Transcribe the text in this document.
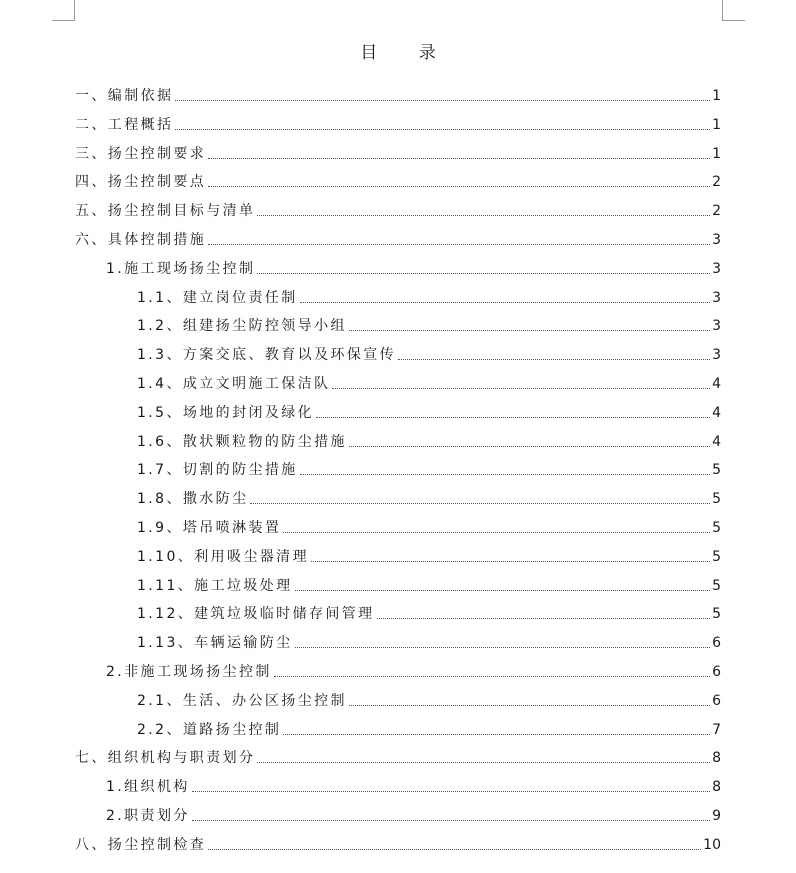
目 录
一、编制依据	1
二、工程概括	1
三、扬尘控制要求	1
四、扬尘控制要点	2
五、扬尘控制目标与清单	2
六、具体控制措施	3
1.施工现场扬尘控制	3
1.1、建立岗位责任制	3
1.2、组建扬尘防控领导小组	3
1.3、方案交底、教育以及环保宣传	3
1.4、成立文明施工保洁队	4
1.5、场地的封闭及绿化	4
1.6、散状颗粒物的防尘措施	4
1.7、切割的防尘措施	5
1.8、撒水防尘	5
1.9、塔吊喷淋装置	5
1.10、利用吸尘器清理	5
1.11、施工垃圾处理	5
1.12、建筑垃圾临时储存间管理	5
1.13、车辆运输防尘	6
2.非施工现场扬尘控制	6
2.1、生活、办公区扬尘控制	6
2.2、道路扬尘控制	7
七、组织机构与职责划分	8
1.组织机构	8
2.职责划分	9
八、扬尘控制检查	10
